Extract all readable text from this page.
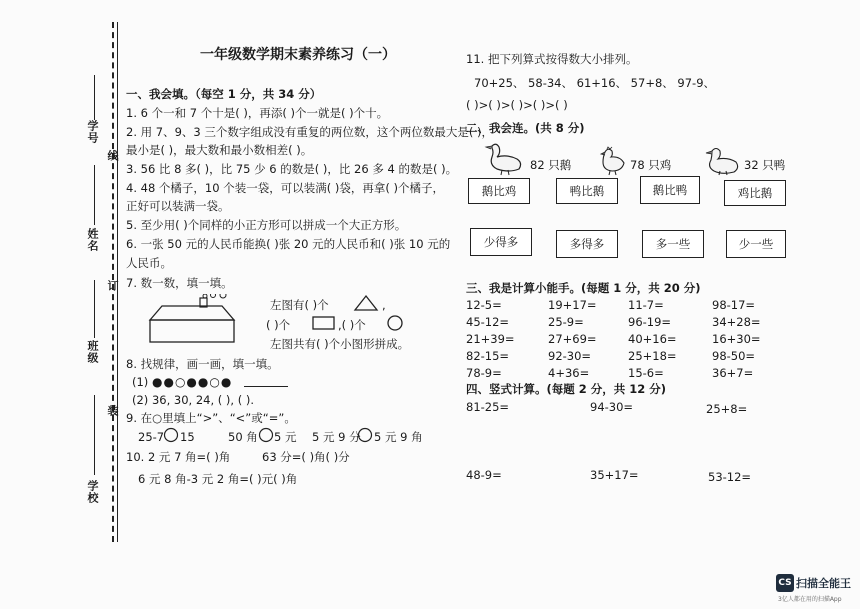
学号
姓名
班级
学校
线
订
装
一年级数学期末素养练习（一）
一、我会填。（每空 1 分，共 34 分）
1. 6 个一和 7 个十是( )，再添( )个一就是( )个十。
2. 用 7、9、3 三个数字组成没有重复的两位数，这个两位数最大是( )，
最小是( )，最大数和最小数相差( )。
3. 56 比 8 多( )，比 75 少 6 的数是( )，比 26 多 4 的数是( )。
4. 48 个橘子，10 个装一袋，可以装满( )袋，再拿( )个橘子，
正好可以装满一袋。
5. 至少用( )个同样的小正方形可以拼成一个大正方形。
6. 一张 50 元的人民币能换( )张 20 元的人民币和( )张 10 元的
人民币。
7. 数一数，填一填。
左图有( )个	,
( )个	,( )个
左图共有( )个小图形拼成。
8. 找规律，画一画，填一填。
(1) ●●○●●○●
(2) 36, 30, 24, ( ), ( ).
9. 在○里填上“>”、“<”或“=”。
25-7 15	50 角 5 元 5 元 9 分 5 元 9 角
10. 2 元 7 角=( )角	63 分=( )角( )分
6 元 8 角-3 元 2 角=( )元( )角
11. 把下列算式按得数大小排列。
70+25、 58-34、 61+16、 57+8、 97-9、
( )>( )>( )>( )>( )
二、我会连。(共 8 分)
82 只鹅	78 只鸡	32 只鸭
鹅比鸡	鸭比鹅	鹅比鸭	鸡比鹅
少得多	多得多	多一些	少一些
三、我是计算小能手。(每题 1 分，共 20 分)
12-5=	19+17=	11-7=	98-17=
45-12=	25-9=	96-19=	34+28=
21+39=	27+69=	40+16=	16+30=
82-15=	92-30=	25+18=	98-50=
78-9=	4+36=	15-6=	36+7=
四、竖式计算。(每题 2 分，共 12 分)
81-25=	94-30=	25+8=
48-9=	35+17=	53-12=
CS 扫描全能王
3亿人都在用的扫描App
